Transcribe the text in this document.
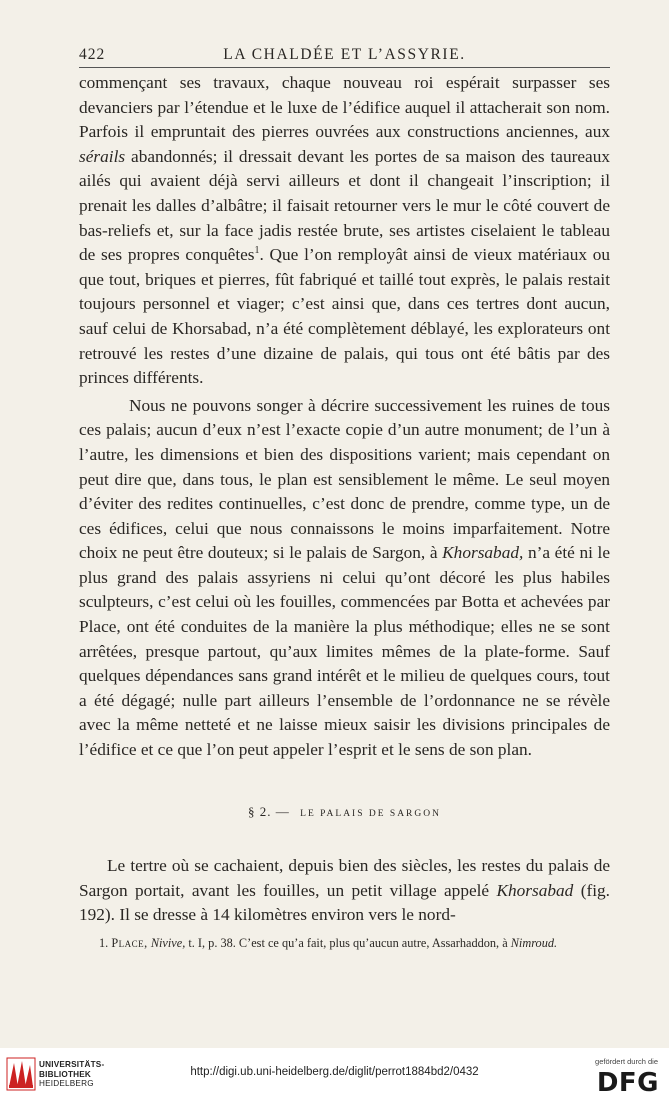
422	LA CHALDÉE ET L’ASSYRIE.

commençant ses travaux, chaque nouveau roi espérait surpasser ses devanciers par l’étendue et le luxe de l’édifice auquel il attacherait son nom. Parfois il empruntait des pierres ouvrées aux constructions anciennes, aux sérails abandonnés; il dressait devant les portes de sa maison des taureaux ailés qui avaient déjà servi ailleurs et dont il changeait l’inscription; il prenait les dalles d’albâtre; il faisait retourner vers le mur le côté couvert de bas-reliefs et, sur la face jadis restée brute, ses artistes ciselaient le tableau de ses propres conquêtes$^1$. Que l’on remployât ainsi de vieux matériaux ou que tout, briques et pierres, fût fabriqué et taillé tout exprès, le palais restait toujours personnel et viager; c’est ainsi que, dans ces tertres dont aucun, sauf celui de Khorsabad, n’a été complètement déblayé, les explorateurs ont retrouvé les restes d’une dizaine de palais, qui tous ont été bâtis par des princes différents.

Nous ne pouvons songer à décrire successivement les ruines de tous ces palais; aucun d’eux n’est l’exacte copie d’un autre monument; de l’un à l’autre, les dimensions et bien des dispositions varient; mais cependant on peut dire que, dans tous, le plan est sensiblement le même. Le seul moyen d’éviter des redites continuelles, c’est donc de prendre, comme type, un de ces édifices, celui que nous connaissons le moins imparfaitement. Notre choix ne peut être douteux; si le palais de Sargon, à Khorsabad, n’a été ni le plus grand des palais assyriens ni celui qu’ont décoré les plus habiles sculpteurs, c’est celui où les fouilles, commencées par Botta et achevées par Place, ont été conduites de la manière la plus méthodique; elles ne se sont arrêtées, presque partout, qu’aux limites mêmes de la plate-forme. Sauf quelques dépendances sans grand intérêt et le milieu de quelques cours, tout a été dégagé; nulle part ailleurs l’ensemble de l’ordonnance ne se révèle avec la même netteté et ne laisse mieux saisir les divisions principales de l’édifice et ce que l’on peut appeler l’esprit et le sens de son plan.

§ 2. — LE PALAIS DE SARGON

Le tertre où se cachaient, depuis bien des siècles, les restes du palais de Sargon portait, avant les fouilles, un petit village appelé Khorsabad (fig. 192). Il se dresse à 14 kilomètres environ vers le nord-

1. Place, Nivive, t. I, p. 38. C’est ce qu’a fait, plus qu’aucun autre, Assarhaddon, à Nimroud.

UNIVERSITÄTS-
BIBLIOTHEK
HEIDELBERG
http://digi.ub.uni-heidelberg.de/diglit/perrot1884bd2/0432
gefördert durch die
DFG
